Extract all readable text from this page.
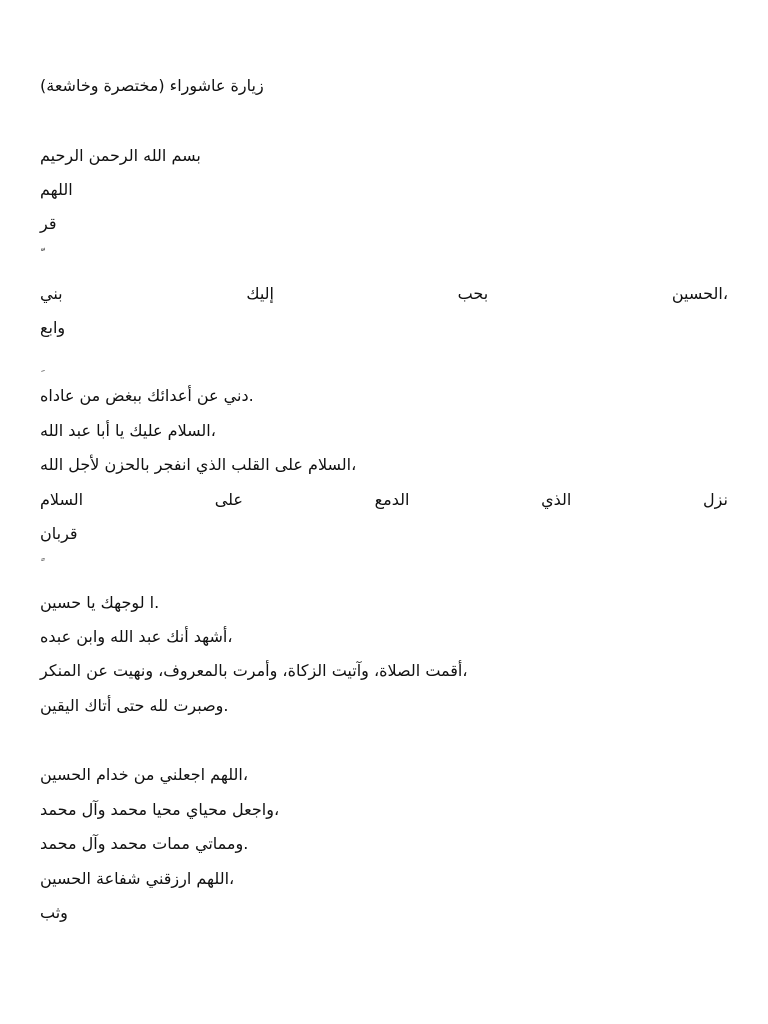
زيارة عاشوراء (مختصرة وخاشعة)
بسم الله الرحمن الرحيم
اللهم
قر
بني	إليك	بحب	الحسين،
وابع
دني عن أعدائك ببغض من عاداه.
السلام عليك يا أبا عبد الله،
السلام على القلب الذي انفجر بالحزن لأجل الله،
السلام	على	الدمع	الذي	نزل
قربان
ا لوجهك يا حسين.
أشهد أنك عبد الله وابن عبده،
أقمت الصلاة، وآتيت الزكاة، وأمرت بالمعروف، ونهيت عن المنكر،
وصبرت لله حتى أتاك اليقين.
اللهم اجعلني من خدام الحسين،
واجعل محياي محيا محمد وآل محمد،
ومماتي ممات محمد وآل محمد.
اللهم ارزقني شفاعة الحسين،
وثب
